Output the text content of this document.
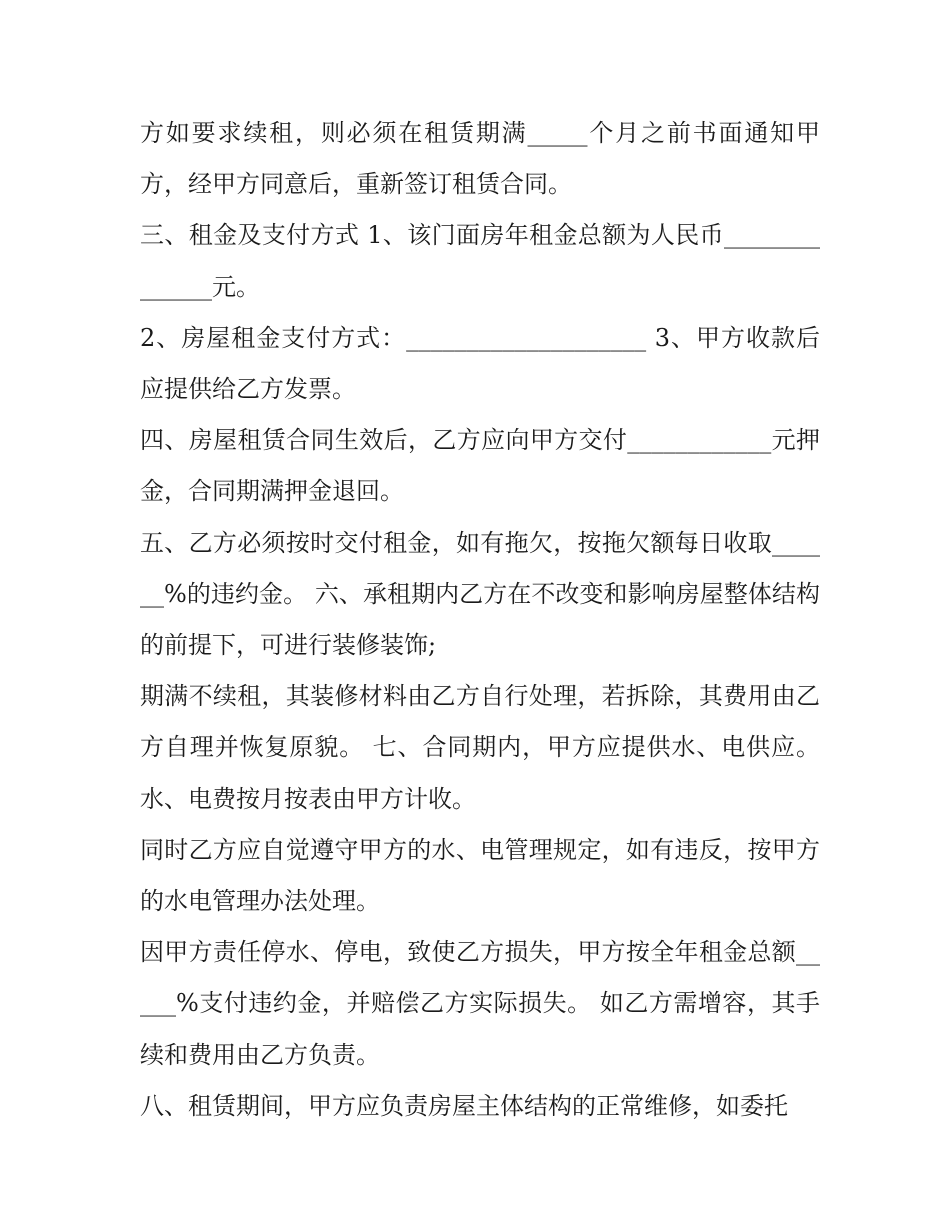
方如要求续租，则必须在租赁期满_____个月之前书面通知甲方，经甲方同意后，重新签订租赁合同。

三、租金及支付方式 1、该门面房年租金总额为人民币______________元。

2、房屋租金支付方式：____________________ 3、甲方收款后应提供给乙方发票。

四、房屋租赁合同生效后，乙方应向甲方交付____________元押金，合同期满押金退回。

五、乙方必须按时交付租金，如有拖欠，按拖欠额每日收取______%的违约金。 六、承租期内乙方在不改变和影响房屋整体结构的前提下，可进行装修装饰;

期满不续租，其装修材料由乙方自行处理，若拆除，其费用由乙方自理并恢复原貌。 七、合同期内，甲方应提供水、电供应。 水、电费按月按表由甲方计收。

同时乙方应自觉遵守甲方的水、电管理规定，如有违反，按甲方的水电管理办法处理。

因甲方责任停水、停电，致使乙方损失，甲方按全年租金总额_____%支付违约金，并赔偿乙方实际损失。 如乙方需增容，其手续和费用由乙方负责。

八、租赁期间，甲方应负责房屋主体结构的正常维修，如委托
